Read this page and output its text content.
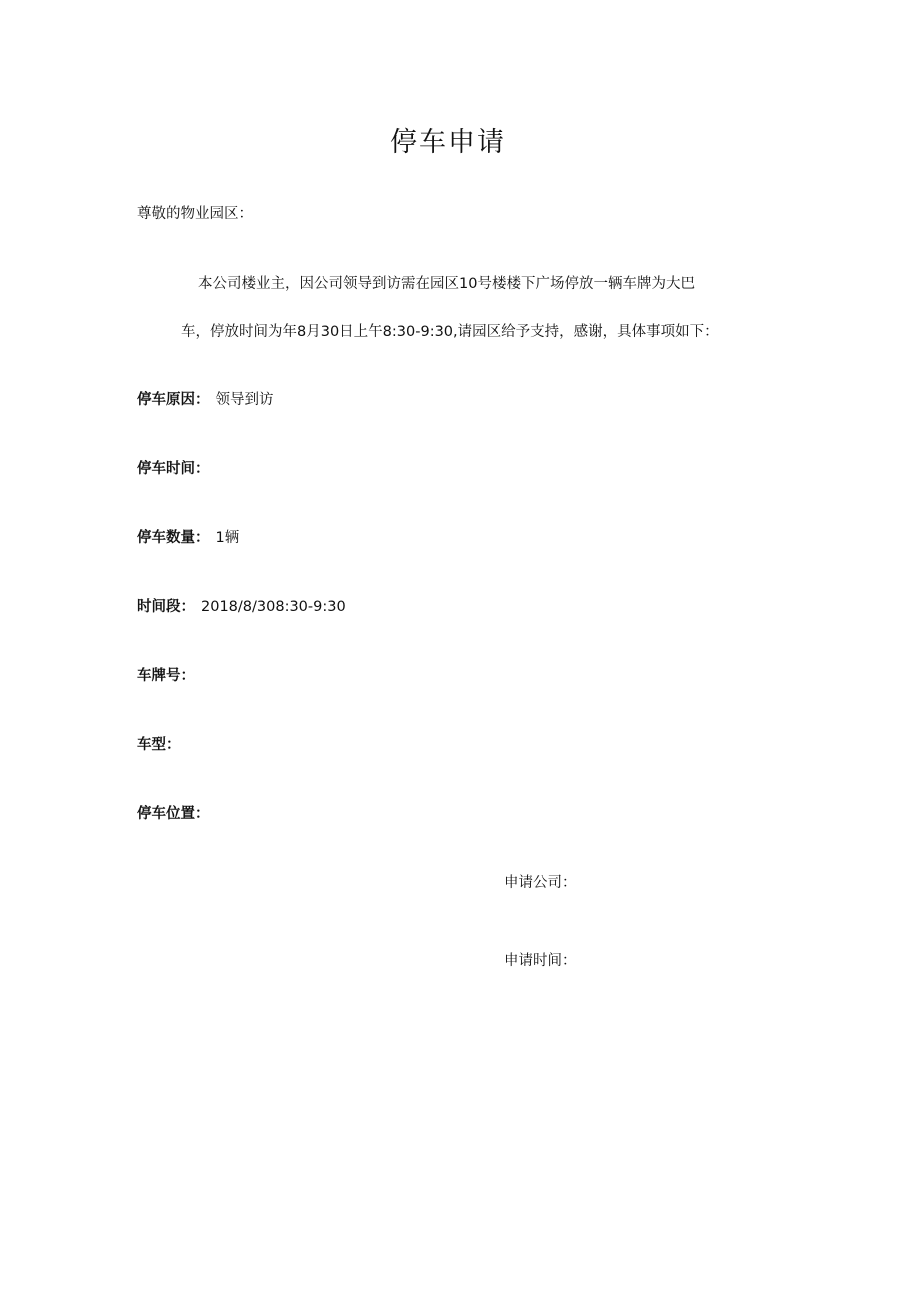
停车申请
尊敬的物业园区：
本公司楼业主，因公司领导到访需在园区10号楼楼下广场停放一辆车牌为大巴
车，停放时间为年8月30日上午8:30-9:30,请园区给予支持，感谢，具体事项如下：
停车原因： 领导到访
停车时间：
停车数量： 1辆
时间段： 2018/8/308:30-9:30
车牌号：
车型：
停车位置：
申请公司：
申请时间：
